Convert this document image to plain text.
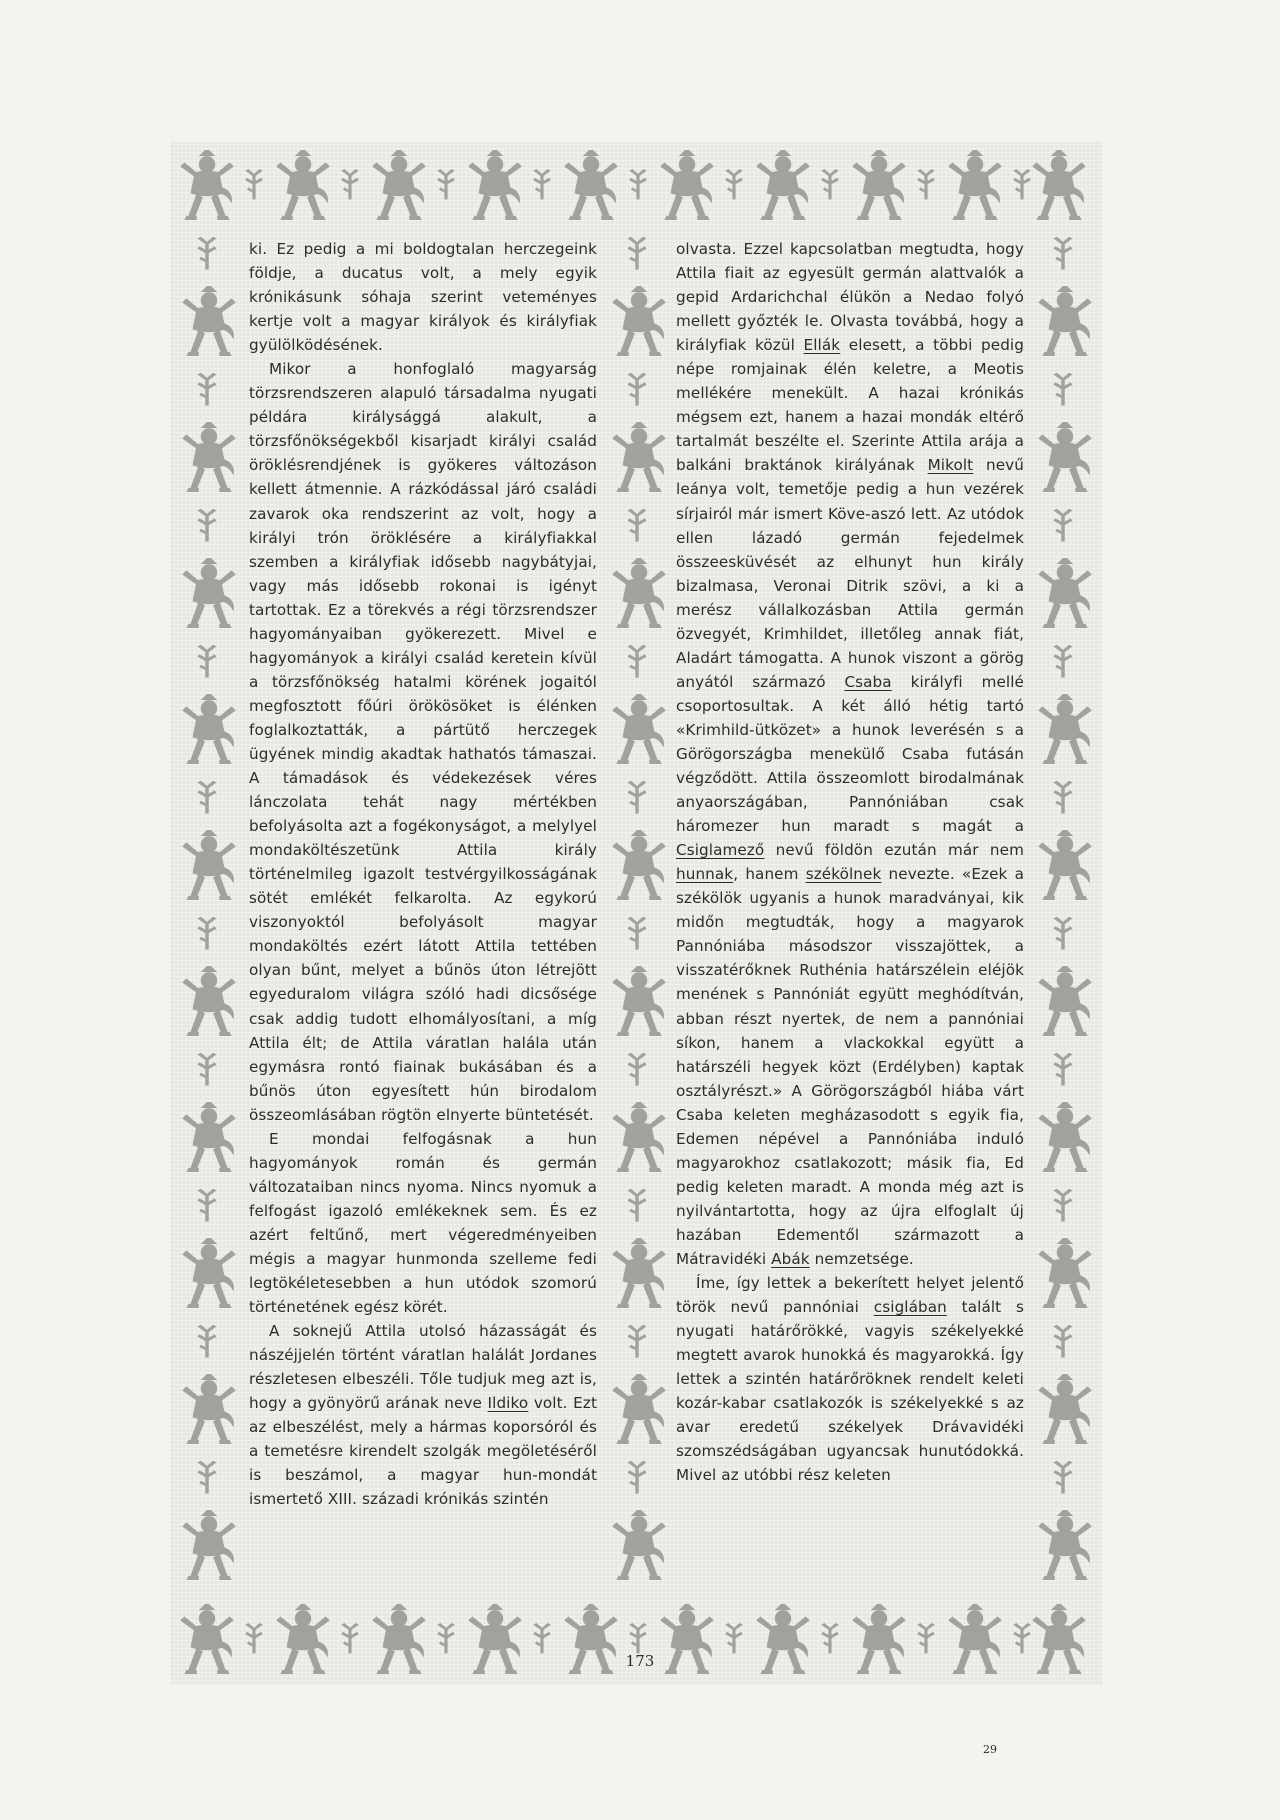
ki. Ez pedig a mi boldogtalan herczegeink földje, a ducatus volt, a mely egyik krónikásunk sóhaja szerint veteményes kertje volt a magyar királyok és királyfiak gyülölködésének.

Mikor a honfoglaló magyarság törzsrendszeren alapuló társadalma nyugati példára királysággá alakult, a törzsfőnökségekből kisarjadt királyi család öröklésrendjének is gyökeres változáson kellett átmennie. A rázkódással járó családi zavarok oka rendszerint az volt, hogy a királyi trón öröklésére a királyfiakkal szemben a királyfiak idősebb nagybátyjai, vagy más idősebb rokonai is igényt tartottak. Ez a törekvés a régi törzsrendszer hagyományaiban gyökerezett. Mivel e hagyományok a királyi család keretein kívül a törzsfőnökség hatalmi körének jogaitól megfosztott főúri örökösöket is élénken foglalkoztatták, a pártütő herczegek ügyének mindig akadtak hathatós támaszai. A támadások és védekezések véres lánczolata tehát nagy mértékben befolyásolta azt a fogékonyságot, a melylyel mondaköltészetünk Attila király történelmileg igazolt testvérgyilkosságának sötét emlékét felkarolta. Az egykorú viszonyoktól befolyásolt magyar mondaköltés ezért látott Attila tettében olyan bűnt, melyet a bűnös úton létrejött egyeduralom világra szóló hadi dicsősége csak addig tudott elhomályosítani, a míg Attila élt; de Attila váratlan halála után egymásra rontó fiainak bukásában és a bűnös úton egyesített hún birodalom összeomlásában rögtön elnyerte büntetését.

E mondai felfogásnak a hun hagyományok román és germán változataiban nincs nyoma. Nincs nyomuk a felfogást igazoló emlékeknek sem. És ez azért feltűnő, mert végeredményeiben mégis a magyar hunmonda szelleme fedi legtökéletesebben a hun utódok szomorú történetének egész körét.

A soknejű Attila utolsó házasságát és nászéjjelén történt váratlan halálát Jordanes részletesen elbeszéli. Tőle tudjuk meg azt is, hogy a gyönyörű arának neve Ildiko volt. Ezt az elbeszélést, mely a hármas koporsóról és a temetésre kirendelt szolgák megöletéséről is beszámol, a magyar hun-mondát ismertető XIII. századi krónikás szintén

olvasta. Ezzel kapcsolatban megtudta, hogy Attila fiait az egyesült germán alattvalók a gepid Ardarichchal élükön a Nedao folyó mellett győzték le. Olvasta továbbá, hogy a királyfiak közül Ellák elesett, a többi pedig népe romjainak élén keletre, a Meotis mellékére menekült. A hazai krónikás mégsem ezt, hanem a hazai mondák eltérő tartalmát beszélte el. Szerinte Attila arája a balkáni braktánok királyának Mikolt nevű leánya volt, temetője pedig a hun vezérek sírjairól már ismert Köve-aszó lett. Az utódok ellen lázadó germán fejedelmek összeesküvését az elhunyt hun király bizalmasa, Veronai Ditrik szövi, a ki a merész vállalkozásban Attila germán özvegyét, Krimhildet, illetőleg annak fiát, Aladárt támogatta. A hunok viszont a görög anyától származó Csaba királyfi mellé csoportosultak. A két álló hétig tartó «Krimhild-ütközet» a hunok leverésén s a Görögországba menekülő Csaba futásán végződött. Attila összeomlott birodalmának anyaországában, Pannóniában csak háromezer hun maradt s magát a Csiglamező nevű földön ezután már nem hunnak, hanem székölnek nevezte. «Ezek a székölök ugyanis a hunok maradványai, kik midőn megtudták, hogy a magyarok Pannóniába másodszor visszajöttek, a visszatérőknek Ruthénia határszélein eléjök menének s Pannóniát együtt meghódítván, abban részt nyertek, de nem a pannóniai síkon, hanem a vlackokkal együtt a határszéli hegyek közt (Erdélyben) kaptak osztályrészt.» A Görögországból hiába várt Csaba keleten megházasodott s egyik fia, Edemen népével a Pannóniába induló magyarokhoz csatlakozott; másik fia, Ed pedig keleten maradt. A monda még azt is nyilvántartotta, hogy az újra elfoglalt új hazában Edementől származott a Mátravidéki Abák nemzetsége.

Íme, így lettek a bekerített helyet jelentő török nevű pannóniai csiglában talált s nyugati határőrökké, vagyis székelyekké megtett avarok hunokká és magyarokká. Így lettek a szintén határőröknek rendelt keleti kozár-kabar csatlakozók is székelyekké s az avar eredetű székelyek Drávavidéki szomszédságában ugyancsak hunutódokká. Mivel az utóbbi rész keleten

173
29
